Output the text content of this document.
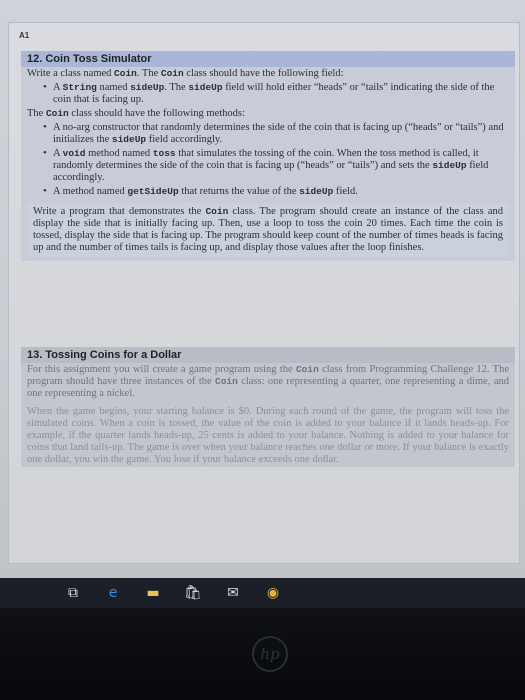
A1
12. Coin Toss Simulator
Write a class named Coin. The Coin class should have the following field:
• A String named sideUp. The sideUp field will hold either “heads” or “tails” indicating the side of the coin that is facing up.
The Coin class should have the following methods:
• A no-arg constructor that randomly determines the side of the coin that is facing up (“heads” or “tails”) and initializes the sideUp field accordingly.
• A void method named toss that simulates the tossing of the coin. When the toss method is called, it randomly determines the side of the coin that is facing up (“heads” or “tails”) and sets the sideUp field accordingly.
• A method named getSideUp that returns the value of the sideUp field.
Write a program that demonstrates the Coin class. The program should create an instance of the class and display the side that is initially facing up. Then, use a loop to toss the coin 20 times. Each time the coin is tossed, display the side that is facing up. The program should keep count of the number of times heads is facing up and the number of times tails is facing up, and display those values after the loop finishes.
13. Tossing Coins for a Dollar
For this assignment you will create a game program using the Coin class from Programming Challenge 12. The program should have three instances of the Coin class: one representing a quarter, one representing a dime, and one representing a nickel.
When the game begins, your starting balance is $0. During each round of the game, the program will toss the simulated coins. When a coin is tossed, the value of the coin is added to your balance if it lands heads-up. For example, if the quarter lands heads-up, 25 cents is added to your balance. Nothing is added to your balance for coins that land tails-up. The game is over when your balance reaches one dollar or more. If your balance is exactly one dollar, you win the game. You lose if your balance exceeds one dollar.
⧉	e	▬ 🛍 ✉ ◉
hp
